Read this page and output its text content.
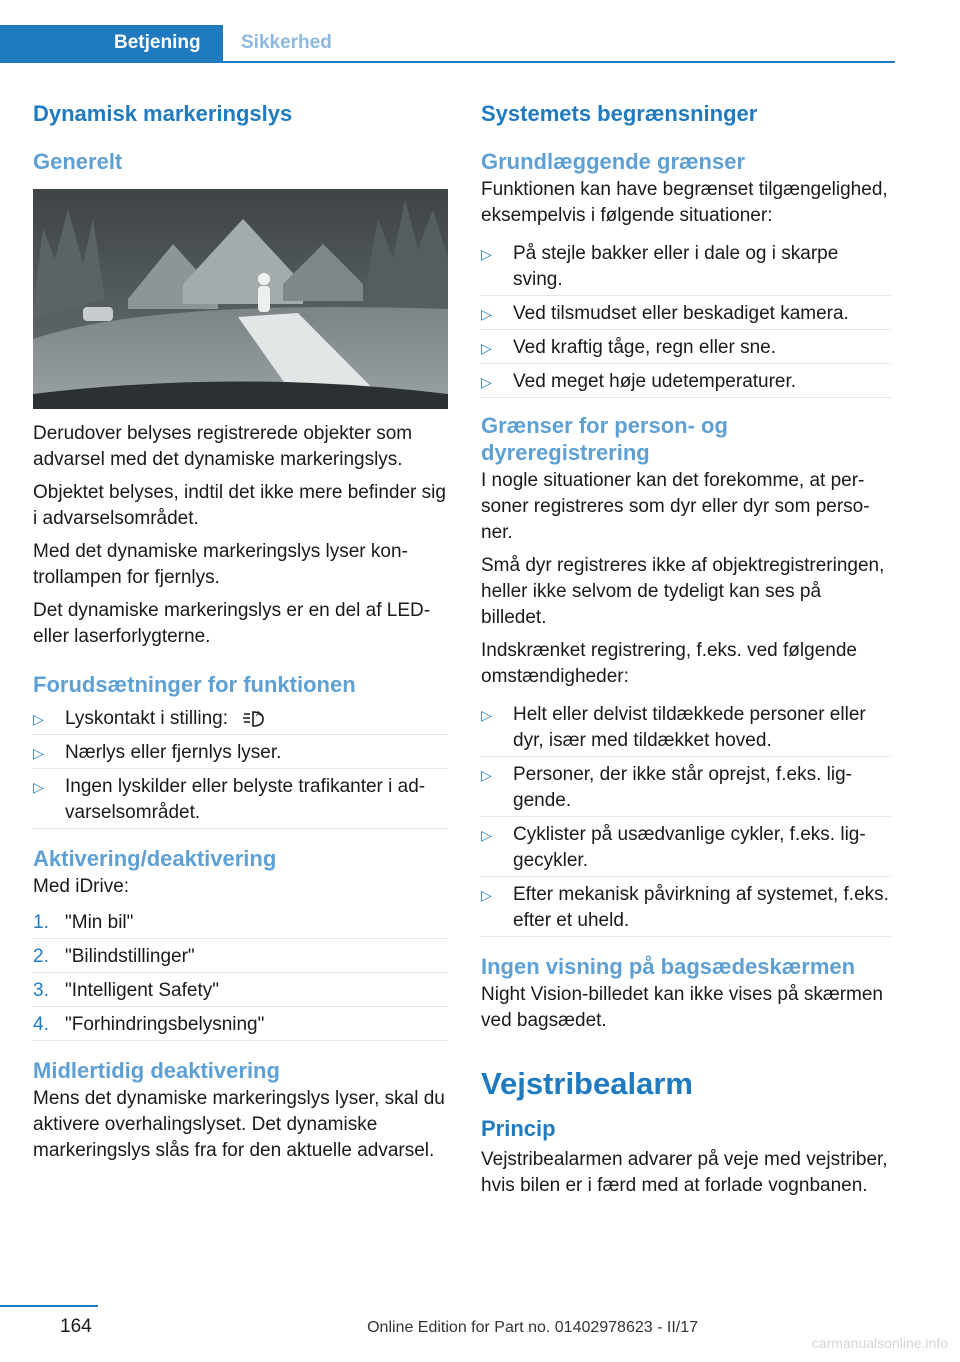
Betjening	Sikkerhed
Dynamisk markeringslys
Generelt

Derudover belyses registrerede objekter som advarsel med det dynamiske markeringslys.

Objektet belyses, indtil det ikke mere befinder sig i advarselsområdet.

Med det dynamiske markeringslys lyser kontrollampen for fjernlys.

Det dynamiske markeringslys er en del af LED- eller laserforlygterne.

Forudsætninger for funktionen
▷ Lyskontakt i stilling:	A
▷ Nærlys eller fjernlys lyser.
▷ Ingen lyskilder eller belyste trafikanter i advarselsområdet.
Aktivering/deaktivering

Med iDrive:

1. "Min bil"
2. "Bilindstillinger"
3. "Intelligent Safety"
4. "Forhindringsbelysning"
Midlertidig deaktivering

Mens det dynamiske markeringslys lyser, skal du aktivere overhalingslyset. Det dynamiske markeringslys slås fra for den aktuelle advarsel.

Systemets begrænsninger
Grundlæggende grænser

Funktionen kan have begrænset tilgængelighed, eksempelvis i følgende situationer:

▷ På stejle bakker eller i dale og i skarpe sving.
▷ Ved tilsmudset eller beskadiget kamera.
▷ Ved kraftig tåge, regn eller sne.
▷ Ved meget høje udetemperaturer.
Grænser for person- og dyreregistrering

I nogle situationer kan det forekomme, at personer registreres som dyr eller dyr som personer.

Små dyr registreres ikke af objektregistreringen, heller ikke selvom de tydeligt kan ses på billedet.

Indskrænket registrering, f.eks. ved følgende omstændigheder:

▷ Helt eller delvist tildækkede personer eller dyr, især med tildækket hoved.
▷ Personer, der ikke står oprejst, f.eks. liggende.
▷ Cyklister på usædvanlige cykler, f.eks. liggecykler.
▷ Efter mekanisk påvirkning af systemet, f.eks. efter et uheld.
Ingen visning på bagsædeskærmen

Night Vision-billedet kan ikke vises på skærmen ved bagsædet.

Vejstribealarm
Princip

Vejstribealarmen advarer på veje med vejstriber, hvis bilen er i færd med at forlade vognbanen.

164	Online Edition for Part no. 01402978623 - II/17
carmanualsonline.info
